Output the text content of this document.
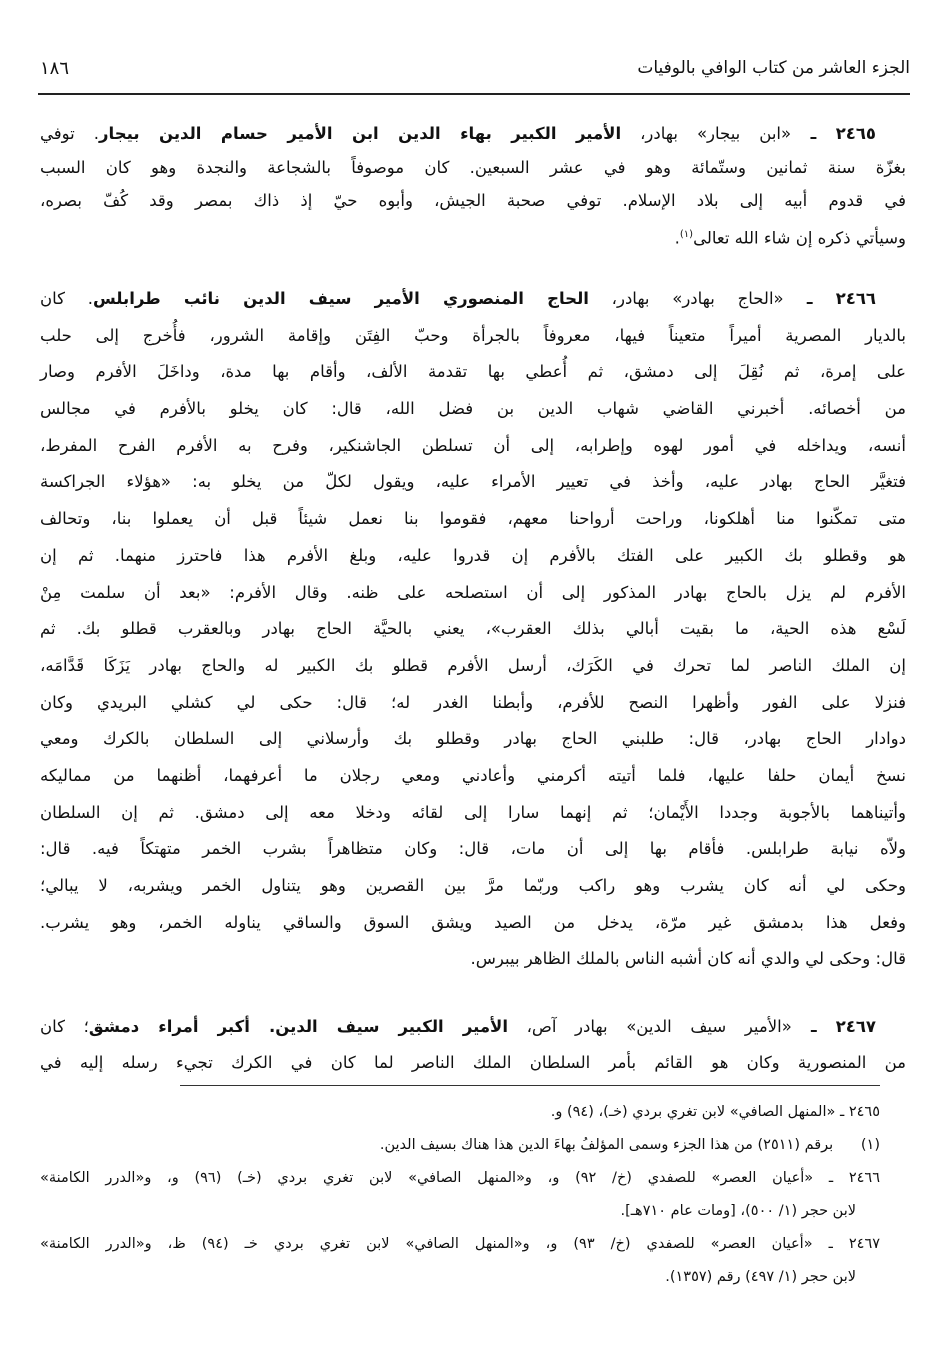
الجزء العاشر من كتاب الوافي بالوفيات
١٨٦
٢٤٦٥ ـ «ابن بيجار» بهادر، الأمير الكبير بهاء الدين ابن الأمير حسام الدين بيجار. توفي
بغزّة سنة ثمانين وستّمائة وهو في عشر السبعين. كان موصوفاً بالشجاعة والنجدة وهو كان السبب
في قدوم أبيه إلى بلاد الإسلام. توفي صحبة الجيش، وأبوه حيّ إذ ذاك بمصر وقد كُفّ بصره،
وسيأتي ذكره إن شاء الله تعالى$^{(١)}$.
٢٤٦٦ ـ «الحاج بهادر» بهادر، الحاج المنصوري الأمير سيف الدين نائب طرابلس. كان
بالديار المصرية أميراً متعيناً فيها، معروفاً بالجرأة وحبّ الفِتَن وإقامة الشرور، فأُخرج إلى حلب
على إمرة، ثم نُقِلَ إلى دمشق، ثم أُعطي بها تقدمة الألف، وأقام بها مدة، وداخَلَ الأفرم وصار
من أخصائه. أخبرني القاضي شهاب الدين بن فضل الله، قال: كان يخلو بالأفرم في مجالس
أنسه، ويداخله في أمور لهوه وإطرابه، إلى أن تسلطن الجاشنكير، وفرح به الأفرم الفرح المفرط،
فتغيَّر الحاج بهادر عليه، وأخذ في تعيير الأمراء عليه، ويقول لكلّ من يخلو به: «هؤلاء الجراكسة
متى تمكّنوا منا أهلكونا، وراحت أرواحنا معهم، فقوموا بنا نعمل شيئاً قبل أن يعملوا بنا، وتحالف
هو وقطلو بك الكبير على الفتك بالأفرم إن قدروا عليه، وبلغ الأفرم هذا فاحترز منهما. ثم إن
الأفرم لم يزل بالحاج بهادر المذكور إلى أن استصلحه على ظنه. وقال الأفرم: «بعد أن سلمت مِنْ
لَسْع هذه الحية، ما بقيت أبالي بذلك العقرب»، يعني بالحيَّة الحاج بهادر وبالعقرب قطلو بك. ثم
إن الملك الناصر لما تحرك في الكَرَك، أرسل الأفرم قطلو بك الكبير له والحاج بهادر يَزَكَا قَدَّامَه،
فنزلا على الفور وأظهرا النصح للأفرم، وأبطنا الغدر له؛ قال: حكى لي كشلي البريدي وكان
دوادار الحاج بهادر، قال: طلبني الحاج بهادر وقطلو بك وأرسلاني إلى السلطان بالكرك ومعي
نسخ أيمان حلفا عليها، فلما أتيته أكرمني وأعادني ومعي رجلان ما أعرفهما، أظنهما من مماليكه
وأتيناهما بالأجوبة وجددا الأَيْمان؛ ثم إنهما سارا إلى لقائه ودخلا معه إلى دمشق. ثم إن السلطان
ولاّه نيابة طرابلس. فأقام بها إلى أن مات، قال: وكان متظاهراً بشرب الخمر متهتكاً فيه. قال:
وحكى لي أنه كان يشرب وهو راكب وربّما مرَّ بين القصرين وهو يتناول الخمر ويشربه، لا يبالي؛
وفعل هذا بدمشق غير مرّة، يدخل من الصيد ويشق السوق والساقي يناوله الخمر، وهو يشرب.
قال: وحكى لي والدي أنه كان أشبه الناس بالملك الظاهر بيبرس.
٢٤٦٧ ـ «الأمير سيف الدين» بهادر آص، الأمير الكبير سيف الدين. أكبر أمراء دمشق؛ كان
من المنصورية وكان هو القائم بأمر السلطان الملك الناصر لما كان في الكرك تجيء رسله إليه في
٢٤٦٥ ـ «المنهل الصافي» لابن تغري بردي (خـ)، (٩٤) و.
(١)      برقم (٢٥١١) من هذا الجزء وسمى المؤلفُ بهاءَ الدين هذا هناك بسيف الدين.
٢٤٦٦ ـ «أعيان العصر» للصفدي (خ/ ٩٢) و، و«المنهل الصافي» لابن تغري بردي (خـ) (٩٦) و، و«الدرر الكامنة»
لابن حجر (١/ ٥٠٠)، [ومات عام ٧١٠هـ].
٢٤٦٧ ـ «أعيان العصر» للصفدي (خ/ ٩٣) و، و«المنهل الصافي» لابن تغري بردي خـ (٩٤) ظ، و«الدرر الكامنة»
لابن حجر (١/ ٤٩٧) رقم (١٣٥٧).
